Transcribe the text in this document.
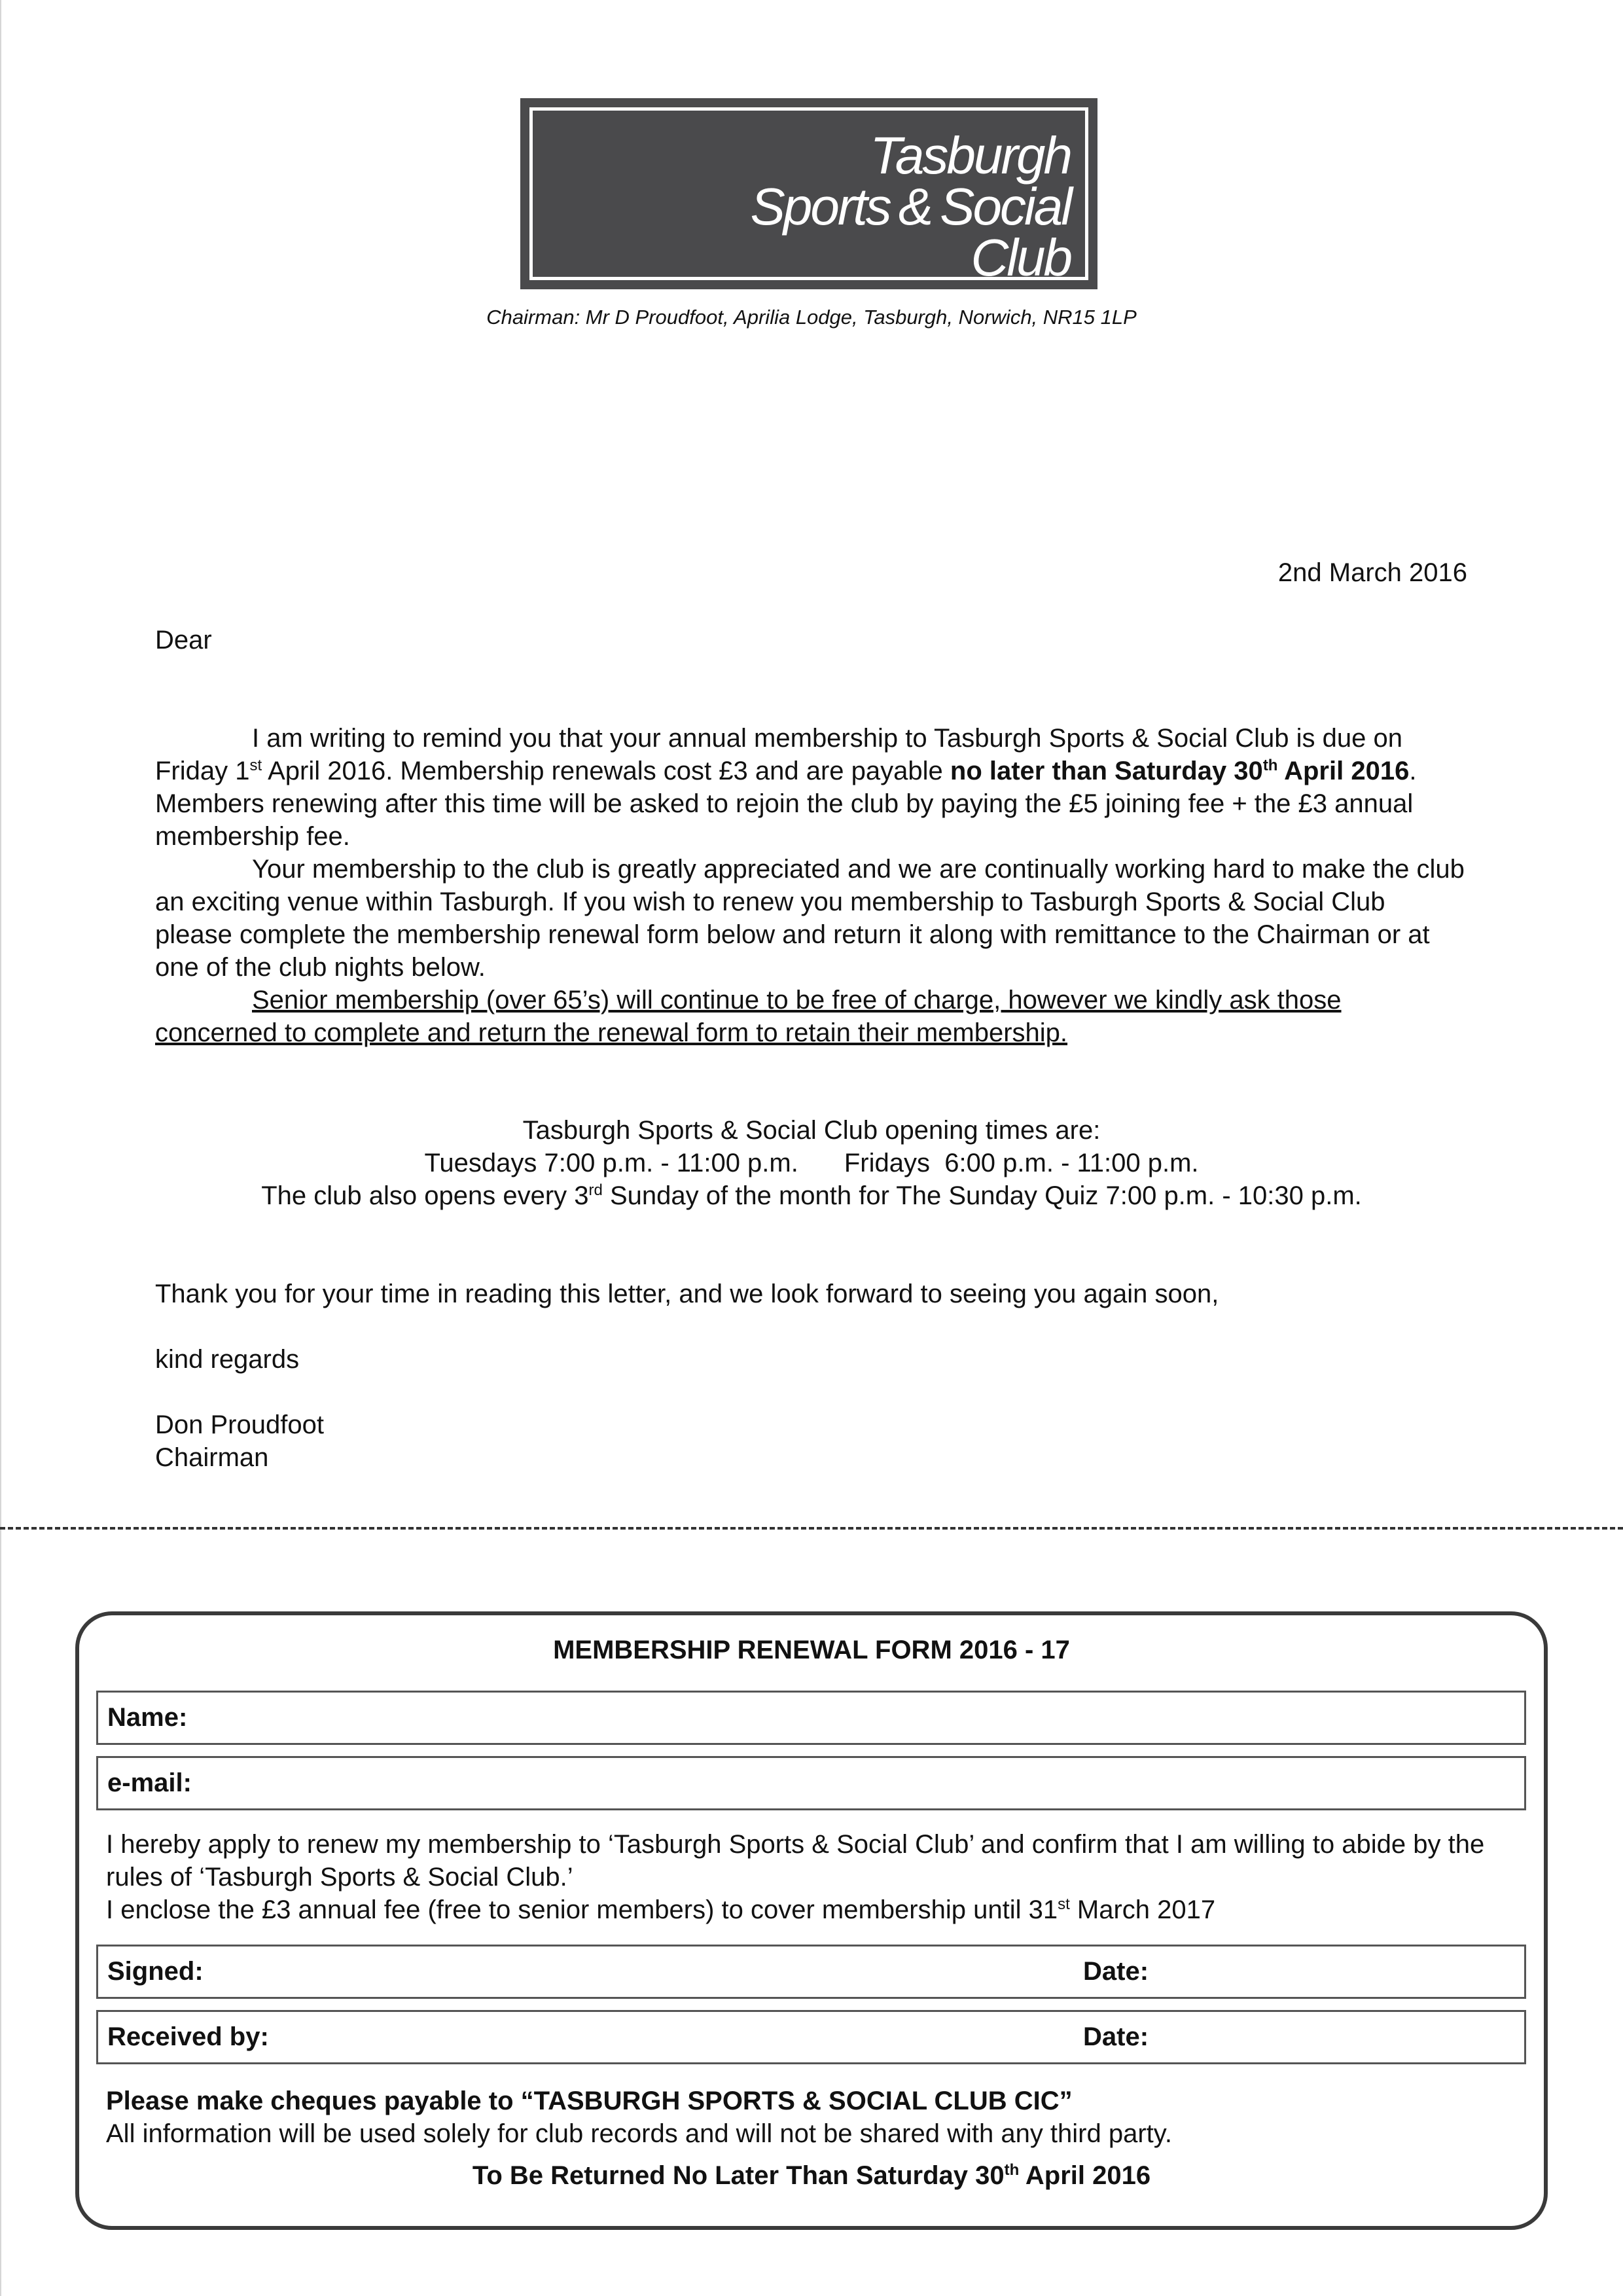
Tasburgh
Sports & Social
Club
Chairman: Mr D Proudfoot, Aprilia Lodge, Tasburgh, Norwich, NR15 1LP
2nd March 2016
Dear

I am writing to remind you that your annual membership to Tasburgh Sports & Social Club is due on Friday 1st April 2016. Membership renewals cost £3 and are payable no later than Saturday 30th April 2016. Members renewing after this time will be asked to rejoin the club by paying the £5 joining fee + the £3 annual membership fee.

Your membership to the club is greatly appreciated and we are continually working hard to make the club an exciting venue within Tasburgh. If you wish to renew you membership to Tasburgh Sports & Social Club please complete the membership renewal form below and return it along with remittance to the Chairman or at one of the club nights below.

Senior membership (over 65’s) will continue to be free of charge, however we kindly ask those concerned to complete and return the renewal form to retain their membership.

Tasburgh Sports & Social Club opening times are:
Tuesdays 7:00 p.m. - 11:00 p.m. Fridays  6:00 p.m. - 11:00 p.m.
The club also opens every 3rd Sunday of the month for The Sunday Quiz 7:00 p.m. - 10:30 p.m.
Thank you for your time in reading this letter, and we look forward to seeing you again soon,
kind regards
Don Proudfoot
Chairman
MEMBERSHIP RENEWAL FORM 2016 - 17
Name:
e-mail:
I hereby apply to renew my membership to ‘Tasburgh Sports & Social Club’ and confirm that I am willing to abide by the rules of ‘Tasburgh Sports & Social Club.’
I enclose the £3 annual fee (free to senior members) to cover membership until 31st March 2017
Signed:	Date:
Received by:	Date:
Please make cheques payable to “TASBURGH SPORTS & SOCIAL CLUB CIC”
All information will be used solely for club records and will not be shared with any third party.
To Be Returned No Later Than Saturday 30th April 2016
